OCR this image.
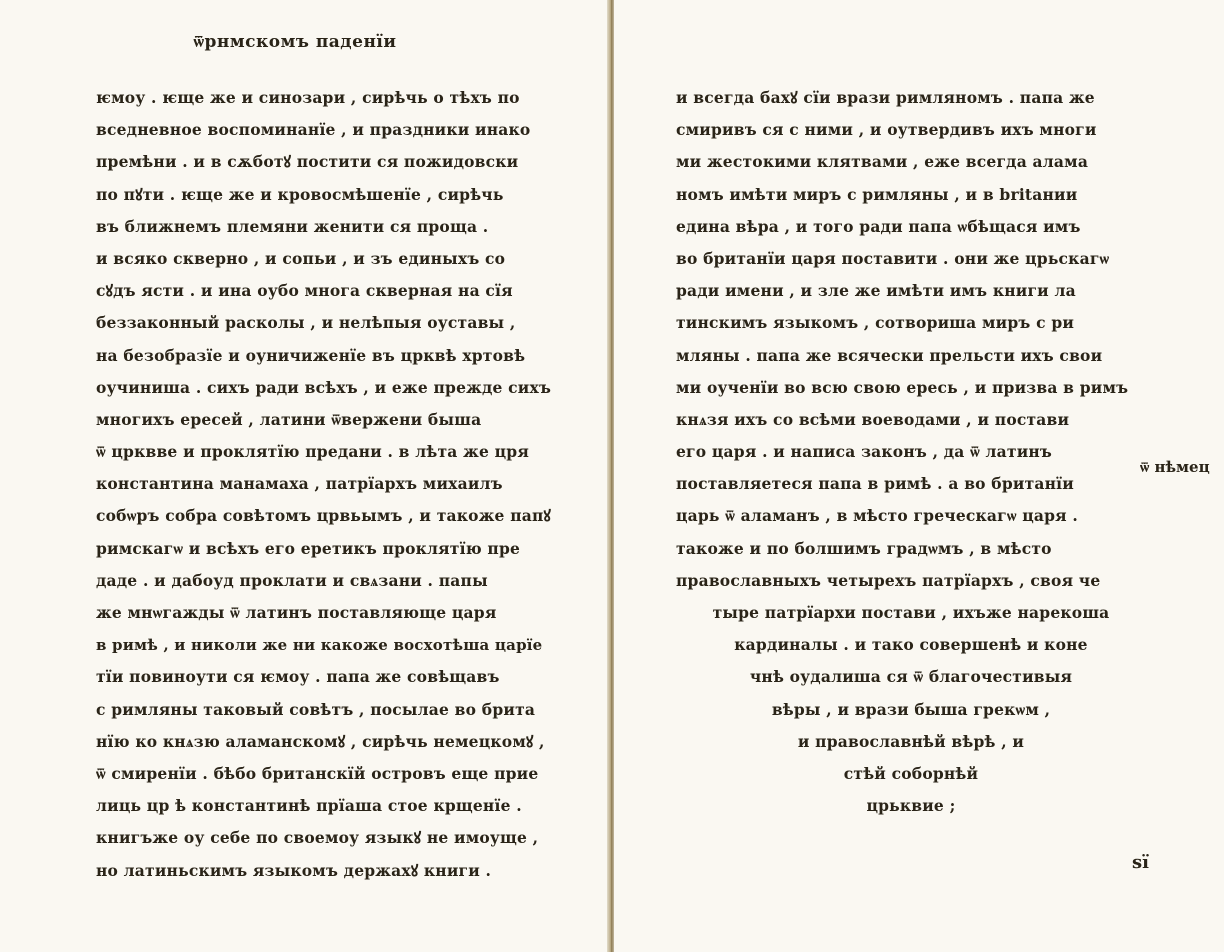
ѿрнмскомъ паденїи
ѥмоу . ѥще же и синозари , сирѣчь о тѣхъ по
вседневное воспоминанїе , и праздники инако
премѣни . и в сѫботꙋ постити ся пожидовски
по пꙋти . ѥще же и кровосмѣшенїе , сирѣчь
въ ближнемъ племяни женити ся проща .
и всяко скверно , и сопьи , и зъ единыхъ со
сꙋдъ ясти . и ина оубо многа скверная на сїя
беззаконный расколы , и нелѣпыя оуставы ,
на безобразїе и оуничиженїе въ црквѣ хртовѣ
оучиниша . сихъ ради всѣхъ , и еже прежде сихъ
многихъ ересей , латини ѿвержени быша
ѿ црквве и проклятїю предани . в лѣта же цря
константина манамаха , патрїархъ михаилъ
собѡръ собра совѣтомъ црвьымъ , и такоже папꙋ
римскагѡ и всѣхъ его еретикъ проклятїю пре
даде . и дабоуд проклати и свѧзани . папы
же мнѡгажды ѿ латинъ поставляюще царя
в римѣ , и николи же ни какоже восхотѣша царїе
тїи повиноути ся ѥмоу . папа же совѣщавъ
с римляны таковый совѣтъ , посылае во брита
нїю ко кнѧзю аламанскомꙋ , сирѣчь немецкомꙋ ,
ѿ смиренїи . бѣбо британскїй островъ еще прие
лиць цр ѣ константинѣ прїаша стое крщенїе .
книгъже оу себе по своемоу языкꙋ не имоуще ,
но латиньскимъ языкомъ держахꙋ книги .
и всегда бахꙋ сїи врази римляномъ . папа же
смиривъ ся с ними , и оутвердивъ ихъ многи
ми жестокими клятвами , еже всегда алама
номъ имѣти миръ с римляны , и в britании
едина вѣра , и того ради папа ѡбѣщася имъ
во британїи царя поставити . они же црьскагѡ
ради имени , и зле же имѣти имъ книги ла
тинскимъ языкомъ , сотвориша миръ с ри
мляны . папа же всячески прельсти ихъ свои
ми оученїи во всю свою ересь , и призва в римъ
кнѧзя ихъ со всѣми воеводами , и постави
его царя . и написа законъ , да ѿ латинъ
поставляетеся папа в римѣ . а во британїи
царь ѿ аламанъ , в мѣсто греческагѡ царя .
такоже и по болшимъ градѡмъ , в мѣсто
православныхъ четырехъ патрїархъ , своя че
тыре патрїархи постави , ихъже нарекоша
кардиналы . и тако совершенѣ и конe
чнѣ оудалиша ся ѿ благочестивыя
вѣры , и врази быша грекѡм ,
и православнѣй вѣрѣ , и
стѣй соборнѣй
црьквие ;
ѿ нѣмец
ѕї
